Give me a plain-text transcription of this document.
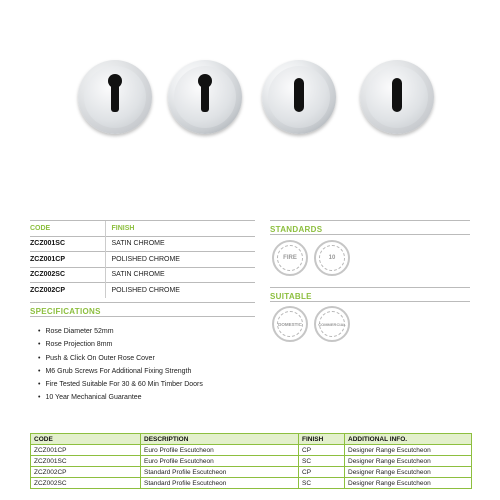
CODE	FINISH
ZCZ001SC	SATIN CHROME
ZCZ001CP	POLISHED CHROME
ZCZ002SC	SATIN CHROME
ZCZ002CP	POLISHED CHROME
SPECIFICATIONS
• Rose Diameter 52mm
• Rose Projection 8mm
• Push & Click On Outer Rose Cover
• M6 Grub Screws For Additional Fixing Strength
• Fire Tested Suitable For 30 & 60 Min Timber Doors
• 10 Year Mechanical Guarantee
STANDARDS
FIRE	10
SUITABLE
DOMESTIC	COMMERCIAL
CODE	DESCRIPTION	FINISH	ADDITIONAL INFO.
ZCZ001CP	Euro Profile Escutcheon	CP	Designer Range Escutcheon
ZCZ001SC	Euro Profile Escutcheon	SC	Designer Range Escutcheon
ZCZ002CP	Standard Profile Escutcheon	CP	Designer Range Escutcheon
ZCZ002SC	Standard Profile Escutcheon	SC	Designer Range Escutcheon
